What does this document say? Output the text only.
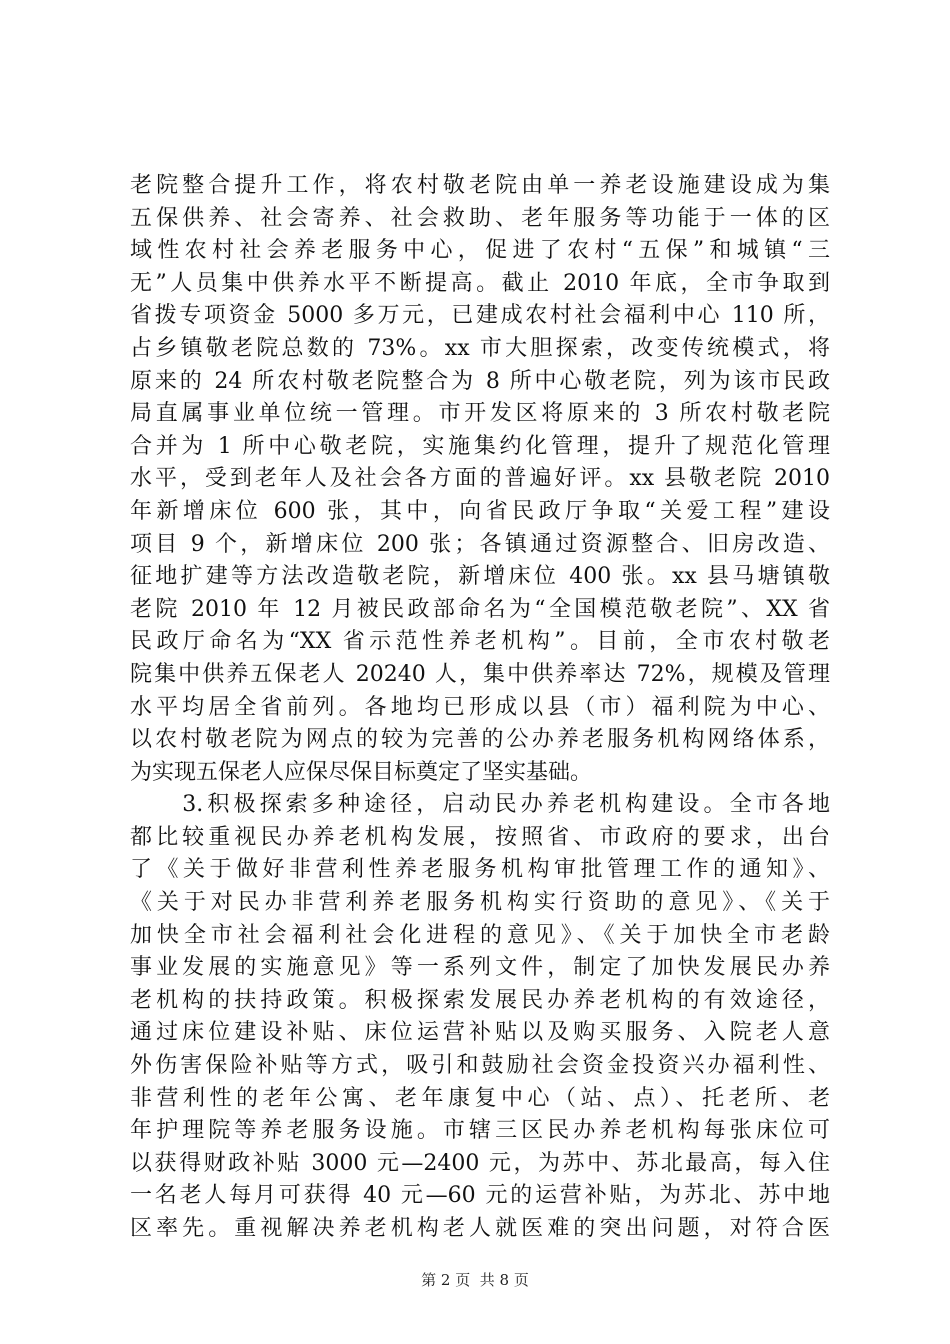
老院整合提升工作，将农村敬老院由单一养老设施建设成为集
五保供养、社会寄养、社会救助、老年服务等功能于一体的区
域性农村社会养老服务中心，促进了农村“五保”和城镇“三
无”人员集中供养水平不断提高。截止 2010 年底，全市争取到
省拨专项资金 5000 多万元，已建成农村社会福利中心 110 所，
占乡镇敬老院总数的 73%。xx 市大胆探索，改变传统模式，将
原来的 24 所农村敬老院整合为 8 所中心敬老院，列为该市民政
局直属事业单位统一管理。市开发区将原来的 3 所农村敬老院
合并为 1 所中心敬老院，实施集约化管理，提升了规范化管理
水平，受到老年人及社会各方面的普遍好评。xx 县敬老院 2010
年新增床位 600 张，其中，向省民政厅争取“关爱工程”建设
项目 9 个，新增床位 200 张；各镇通过资源整合、旧房改造、
征地扩建等方法改造敬老院，新增床位 400 张。xx 县马塘镇敬
老院 2010 年 12 月被民政部命名为“全国模范敬老院”、XX 省
民政厅命名为“XX 省示范性养老机构”。目前，全市农村敬老
院集中供养五保老人 20240 人，集中供养率达 72%，规模及管理
水平均居全省前列。各地均已形成以县（市）福利院为中心、
以农村敬老院为网点的较为完善的公办养老服务机构网络体系，
为实现五保老人应保尽保目标奠定了坚实基础。
　　3.积极探索多种途径，启动民办养老机构建设。全市各地
都比较重视民办养老机构发展，按照省、市政府的要求，出台
了《关于做好非营利性养老服务机构审批管理工作的通知》、
《关于对民办非营利养老服务机构实行资助的意见》、《关于
加快全市社会福利社会化进程的意见》、《关于加快全市老龄
事业发展的实施意见》等一系列文件，制定了加快发展民办养
老机构的扶持政策。积极探索发展民办养老机构的有效途径，
通过床位建设补贴、床位运营补贴以及购买服务、入院老人意
外伤害保险补贴等方式，吸引和鼓励社会资金投资兴办福利性、
非营利性的老年公寓、老年康复中心（站、点）、托老所、老
年护理院等养老服务设施。市辖三区民办养老机构每张床位可
以获得财政补贴 3000 元—2400 元，为苏中、苏北最高，每入住
一名老人每月可获得 40 元—60 元的运营补贴，为苏北、苏中地
区率先。重视解决养老机构老人就医难的突出问题，对符合医
第 2 页  共 8 页
